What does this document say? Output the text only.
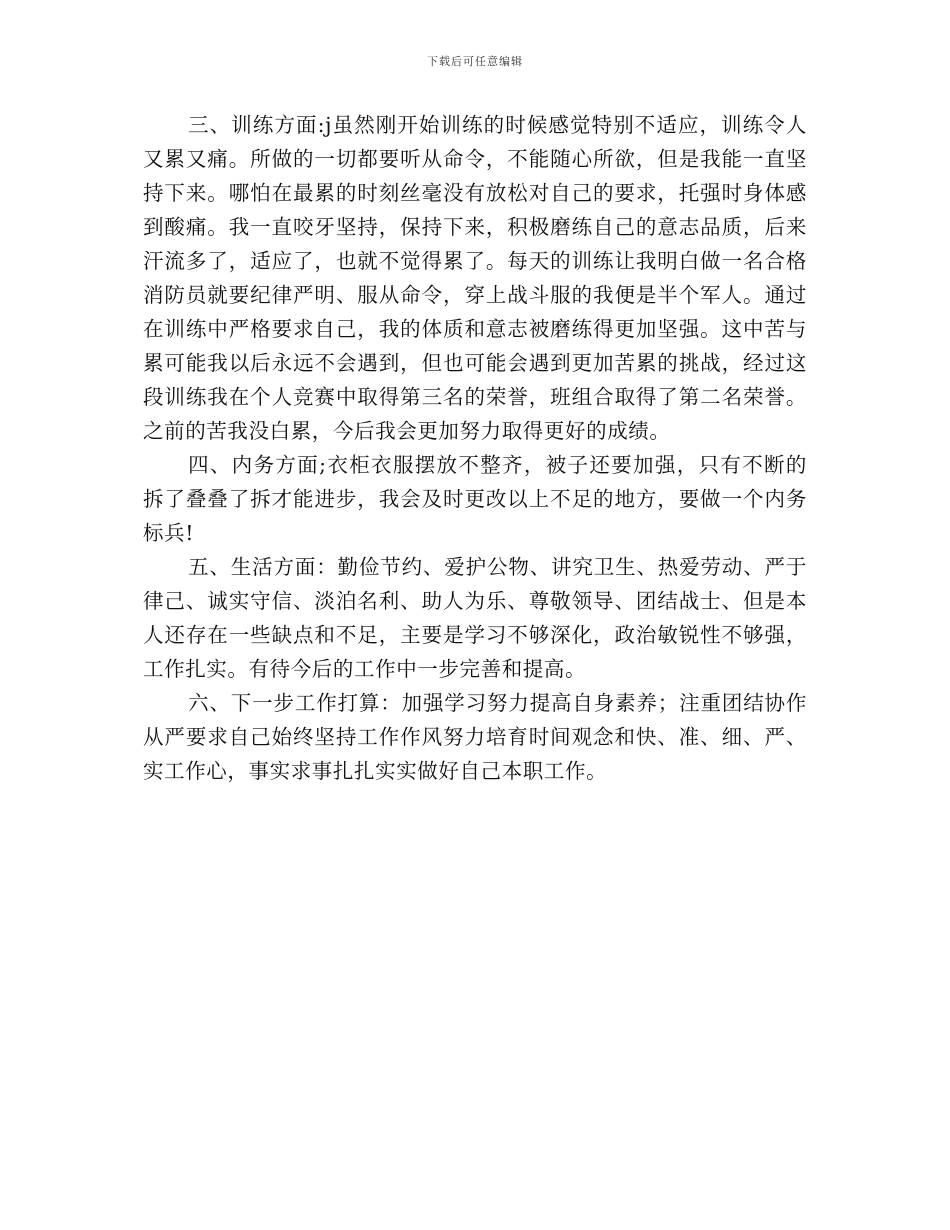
下载后可任意编辑

三、训练方面:j虽然刚开始训练的时候感觉特别不适应，训练令人又累又痛。所做的一切都要听从命令，不能随心所欲，但是我能一直坚持下来。哪怕在最累的时刻丝毫没有放松对自己的要求，托强时身体感到酸痛。我一直咬牙坚持，保持下来，积极磨练自己的意志品质，后来汗流多了，适应了，也就不觉得累了。每天的训练让我明白做一名合格消防员就要纪律严明、服从命令，穿上战斗服的我便是半个军人。通过在训练中严格要求自己，我的体质和意志被磨练得更加坚强。这中苦与累可能我以后永远不会遇到，但也可能会遇到更加苦累的挑战，经过这段训练我在个人竞赛中取得第三名的荣誉，班组合取得了第二名荣誉。之前的苦我没白累，今后我会更加努力取得更好的成绩。

四、内务方面;衣柜衣服摆放不整齐，被子还要加强，只有不断的拆了叠叠了拆才能进步，我会及时更改以上不足的地方，要做一个内务标兵!

五、生活方面：勤俭节约、爱护公物、讲究卫生、热爱劳动、严于律己、诚实守信、淡泊名利、助人为乐、尊敬领导、团结战士、但是本人还存在一些缺点和不足，主要是学习不够深化，政治敏锐性不够强，工作扎实。有待今后的工作中一步完善和提高。

六、下一步工作打算：加强学习努力提高自身素养；注重团结协作从严要求自己始终坚持工作作风努力培育时间观念和快、准、细、严、实工作心，事实求事扎扎实实做好自己本职工作。
